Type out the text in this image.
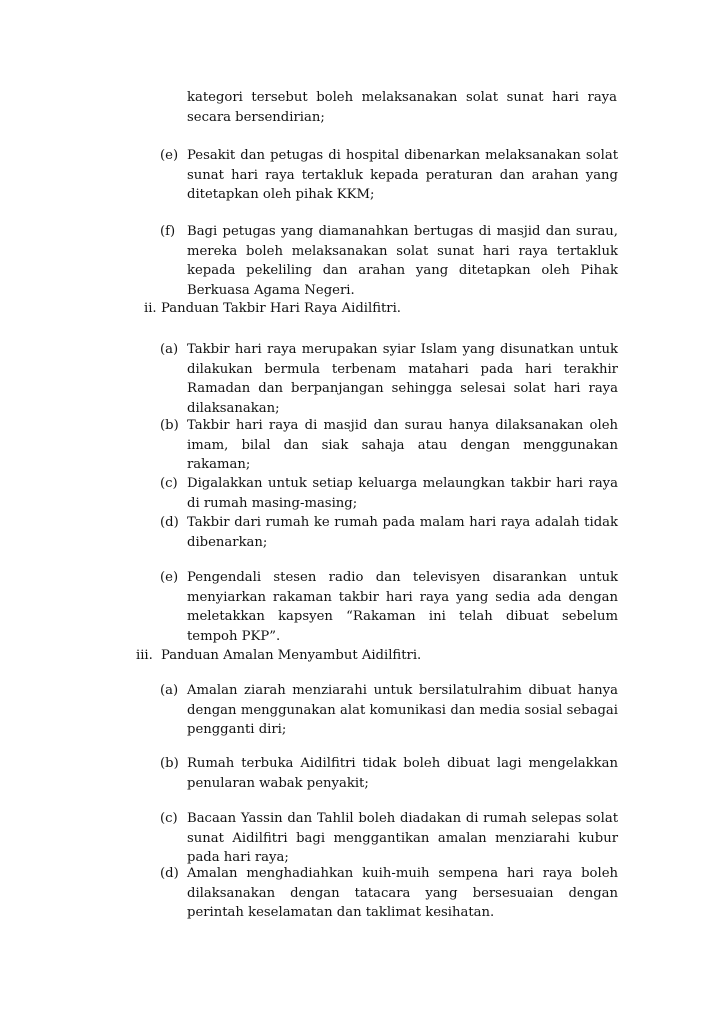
kategori tersebut boleh melaksanakan solat sunat hari raya secara bersendirian;

(e) Pesakit dan petugas di hospital dibenarkan melaksanakan solat sunat hari raya tertakluk kepada peraturan dan arahan yang ditetapkan oleh pihak KKM;

(f) Bagi petugas yang diamanahkan bertugas di masjid dan surau, mereka boleh melaksanakan solat sunat hari raya tertakluk kepada pekeliling dan arahan yang ditetapkan oleh Pihak Berkuasa Agama Negeri.

ii. Panduan Takbir Hari Raya Aidilfitri.
(a) Takbir hari raya merupakan syiar Islam yang disunatkan untuk dilakukan bermula terbenam matahari pada hari terakhir Ramadan dan berpanjangan sehingga selesai solat hari raya dilaksanakan;

(b) Takbir hari raya di masjid dan surau hanya dilaksanakan oleh imam, bilal dan siak sahaja atau dengan menggunakan rakaman;

(c) Digalakkan untuk setiap keluarga melaungkan takbir hari raya di rumah masing-masing;

(d) Takbir dari rumah ke rumah pada malam hari raya adalah tidak dibenarkan;

(e) Pengendali stesen radio dan televisyen disarankan untuk menyiarkan rakaman takbir hari raya yang sedia ada dengan meletakkan kapsyen “Rakaman ini telah dibuat sebelum tempoh PKP”.

iii. Panduan Amalan Menyambut Aidilfitri.
(a) Amalan ziarah menziarahi untuk bersilatulrahim dibuat hanya dengan menggunakan alat komunikasi dan media sosial sebagai pengganti diri;

(b) Rumah terbuka Aidilfitri tidak boleh dibuat lagi mengelakkan penularan wabak penyakit;

(c) Bacaan Yassin dan Tahlil boleh diadakan di rumah selepas solat sunat Aidilfitri bagi menggantikan amalan menziarahi kubur pada hari raya;

(d) Amalan menghadiahkan kuih-muih sempena hari raya boleh dilaksanakan dengan tatacara yang bersesuaian dengan perintah keselamatan dan taklimat kesihatan.
